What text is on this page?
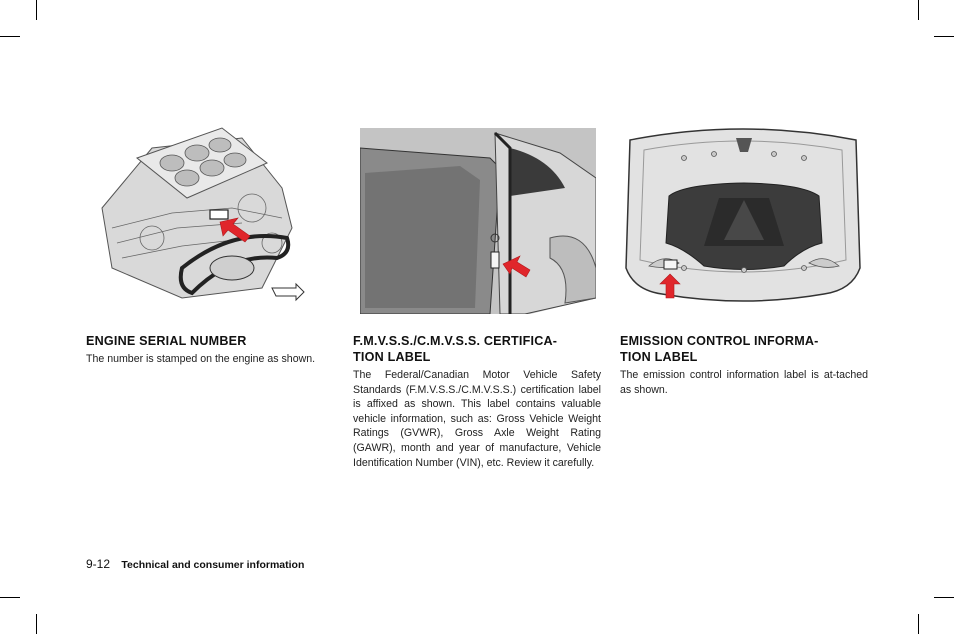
ENGINE SERIAL NUMBER

The number is stamped on the engine as shown.

F.M.V.S.S./C.M.V.S.S. CERTIFICA-
TION LABEL

The Federal/Canadian Motor Vehicle Safety Standards (F.M.V.S.S./C.M.V.S.S.) certification label is affixed as shown. This label contains valuable vehicle information, such as: Gross Vehicle Weight Ratings (GVWR), Gross Axle Weight Rating (GAWR), month and year of manufacture, Vehicle Identification Number (VIN), etc. Review it carefully.

EMISSION CONTROL INFORMA-
TION LABEL

The emission control information label is at-tached as shown.

9-12 Technical and consumer information
